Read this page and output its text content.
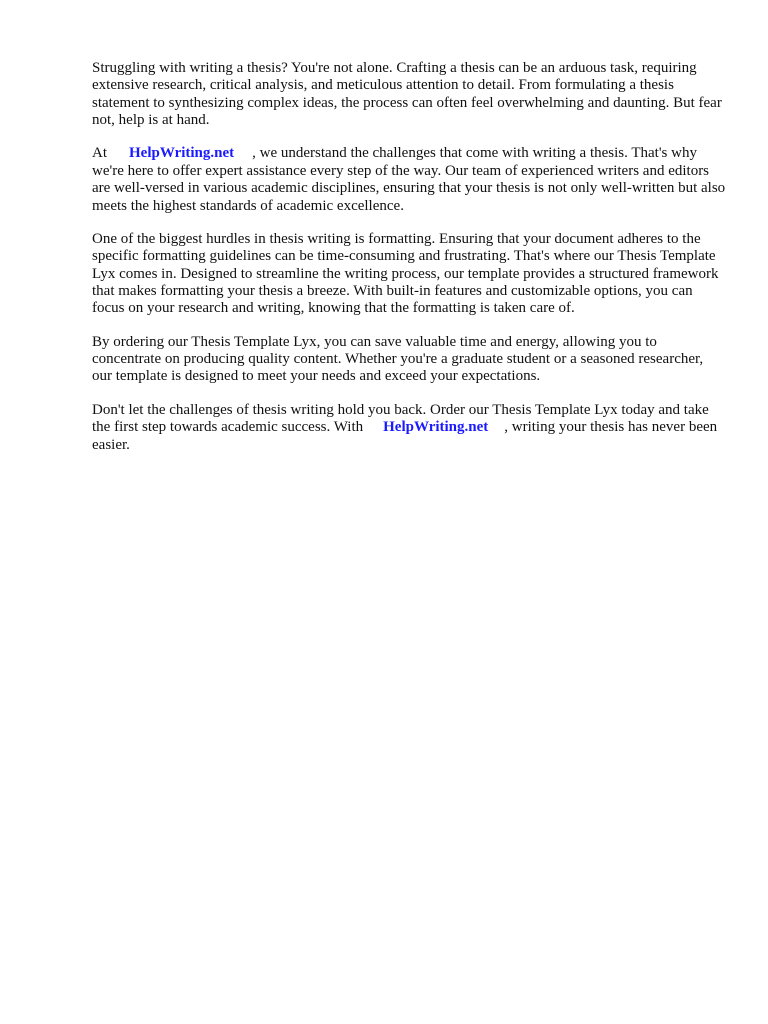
Struggling with writing a thesis? You're not alone. Crafting a thesis can be an arduous task, requiring extensive research, critical analysis, and meticulous attention to detail. From formulating a thesis statement to synthesizing complex ideas, the process can often feel overwhelming and daunting. But fear not, help is at hand.

At HelpWriting.net , we understand the challenges that come with writing a thesis. That's why we're here to offer expert assistance every step of the way. Our team of experienced writers and editors are well-versed in various academic disciplines, ensuring that your thesis is not only well-written but also meets the highest standards of academic excellence.

One of the biggest hurdles in thesis writing is formatting. Ensuring that your document adheres to the specific formatting guidelines can be time-consuming and frustrating. That's where our Thesis Template Lyx comes in. Designed to streamline the writing process, our template provides a structured framework that makes formatting your thesis a breeze. With built-in features and customizable options, you can focus on your research and writing, knowing that the formatting is taken care of.

By ordering our Thesis Template Lyx, you can save valuable time and energy, allowing you to concentrate on producing quality content. Whether you're a graduate student or a seasoned researcher, our template is designed to meet your needs and exceed your expectations.

Don't let the challenges of thesis writing hold you back. Order our Thesis Template Lyx today and take the first step towards academic success. With HelpWriting.net , writing your thesis has never been easier.
